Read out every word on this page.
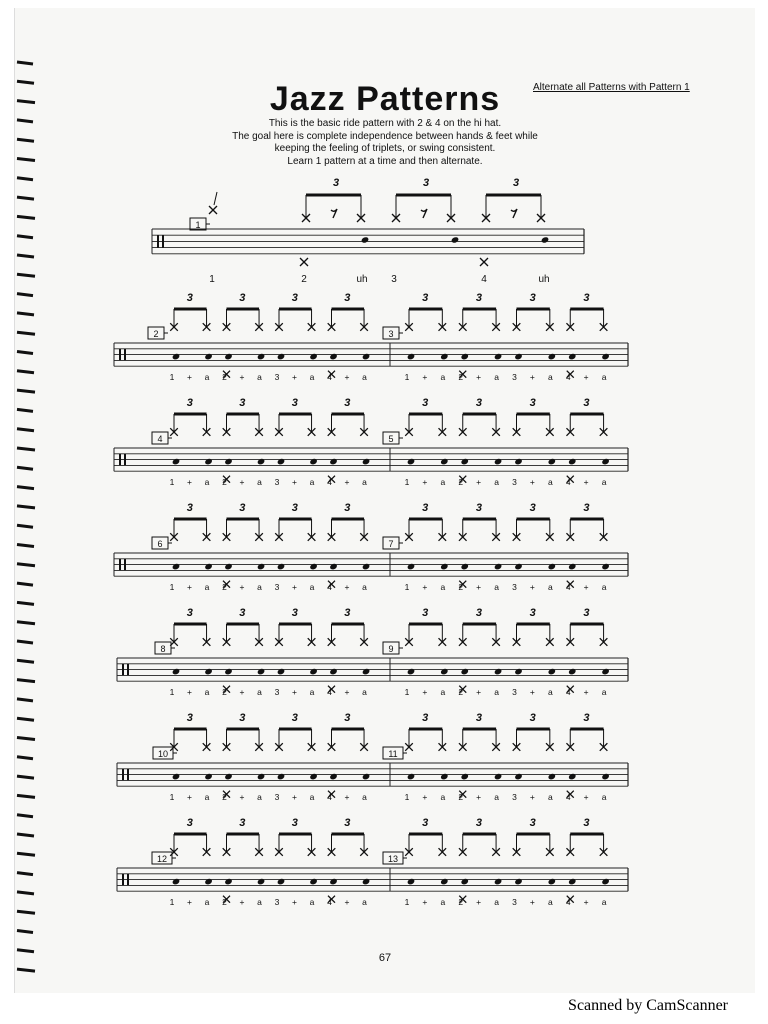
Jazz Patterns	Alternate all Patterns with Pattern 1
This is the basic ride pattern with 2 & 4 on the hi hat.
The goal here is complete independence between hands & feet while
keeping the feeling of triplets, or swing consistent.
Learn 1 pattern at a time and then alternate.
67
1
3	3	3
1	2	uh 3	4	uh
2	3
3	3	3	3
1 + a 2 + a 3 + a 4 + a
3	3	3	3
1 + a 2 + a 3 + a 4 + a
4	5
3	3	3	3
1 + a 2 + a 3 + a 4 + a
3	3	3	3
1 + a 2 + a 3 + a 4 + a
6	7
3	3	3	3
1 + a 2 + a 3 + a 4 + a
3	3	3	3
1 + a 2 + a 3 + a 4 + a
8	9
3	3	3	3
1 + a 2 + a 3 + a 4 + a
3	3	3	3
1 + a 2 + a 3 + a 4 + a
10	11
3	3	3	3
1 + a 2 + a 3 + a 4 + a
3	3	3	3
1 + a 2 + a 3 + a 4 + a
12	13
3	3	3	3
1 + a 2 + a 3 + a 4 + a
3	3	3	3
1 + a 2 + a 3 + a 4 + a
Scanned by CamScanner
